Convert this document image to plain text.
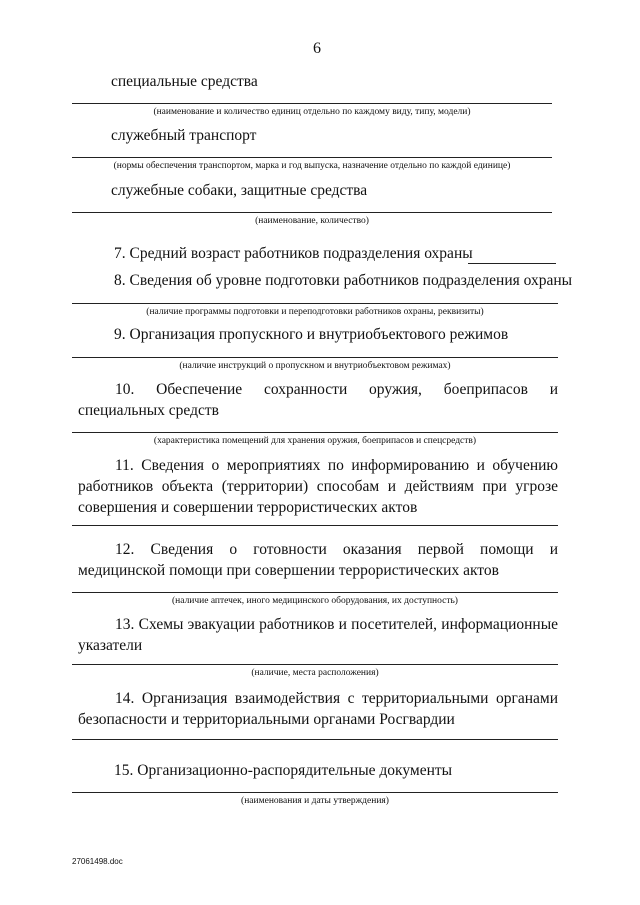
6
специальные средства
(наименование и количество единиц отдельно по каждому виду, типу, модели)
служебный транспорт
(нормы обеспечения транспортом, марка и год выпуска, назначение отдельно по каждой единице)
служебные собаки, защитные средства
(наименование, количество)
7. Средний возраст работников подразделения охраны
8. Сведения об уровне подготовки работников подразделения охраны
(наличие программы подготовки и переподготовки работников охраны, реквизиты)
9. Организация пропускного и внутриобъектового режимов
(наличие инструкций о пропускном и внутриобъектовом режимах)
10. Обеспечение сохранности оружия, боеприпасов и специальных средств
(характеристика помещений для хранения оружия, боеприпасов и спецсредств)
11. Сведения о мероприятиях по информированию и обучению работников объекта (территории) способам и действиям при угрозе совершения и совершении террористических актов
12. Сведения о готовности оказания первой помощи и медицинской помощи при совершении террористических актов
(наличие аптечек, иного медицинского оборудования, их доступность)
13. Схемы эвакуации работников и посетителей, информационные указатели
(наличие, места расположения)
14. Организация взаимодействия с территориальными органами безопасности и территориальными органами Росгвардии
15. Организационно-распорядительные документы
(наименования и даты утверждения)
27061498.doc
